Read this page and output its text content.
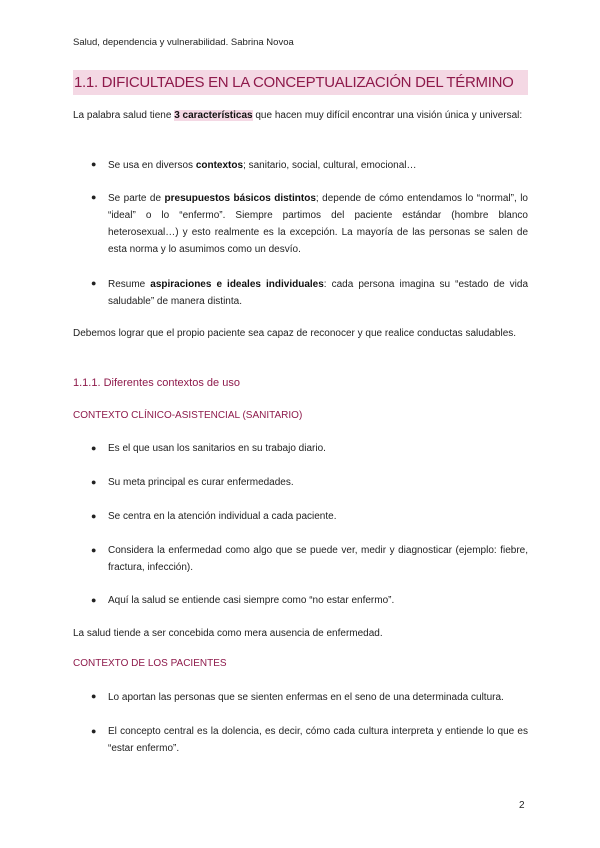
Salud, dependencia y vulnerabilidad. Sabrina Novoa
1.1. DIFICULTADES EN LA CONCEPTUALIZACIÓN DEL TÉRMINO
La palabra salud tiene 3 características que hacen muy difícil encontrar una visión única y universal:
● Se usa en diversos contextos; sanitario, social, cultural, emocional…
● Se parte de presupuestos básicos distintos; depende de cómo entendamos lo “normal”, lo “ideal” o lo “enfermo”. Siempre partimos del paciente estándar (hombre blanco heterosexual…) y esto realmente es la excepción. La mayoría de las personas se salen de esta norma y lo asumimos como un desvío.
● Resume aspiraciones e ideales individuales: cada persona imagina su “estado de vida saludable” de manera distinta.
Debemos lograr que el propio paciente sea capaz de reconocer y que realice conductas saludables.
1.1.1. Diferentes contextos de uso
CONTEXTO CLÍNICO-ASISTENCIAL (SANITARIO)
● Es el que usan los sanitarios en su trabajo diario.
● Su meta principal es curar enfermedades.
● Se centra en la atención individual a cada paciente.
● Considera la enfermedad como algo que se puede ver, medir y diagnosticar (ejemplo: fiebre, fractura, infección).
● Aquí la salud se entiende casi siempre como “no estar enfermo”.
La salud tiende a ser concebida como mera ausencia de enfermedad.
CONTEXTO DE LOS PACIENTES
● Lo aportan las personas que se sienten enfermas en el seno de una determinada cultura.
● El concepto central es la dolencia, es decir, cómo cada cultura interpreta y entiende lo que es “estar enfermo”.
2
